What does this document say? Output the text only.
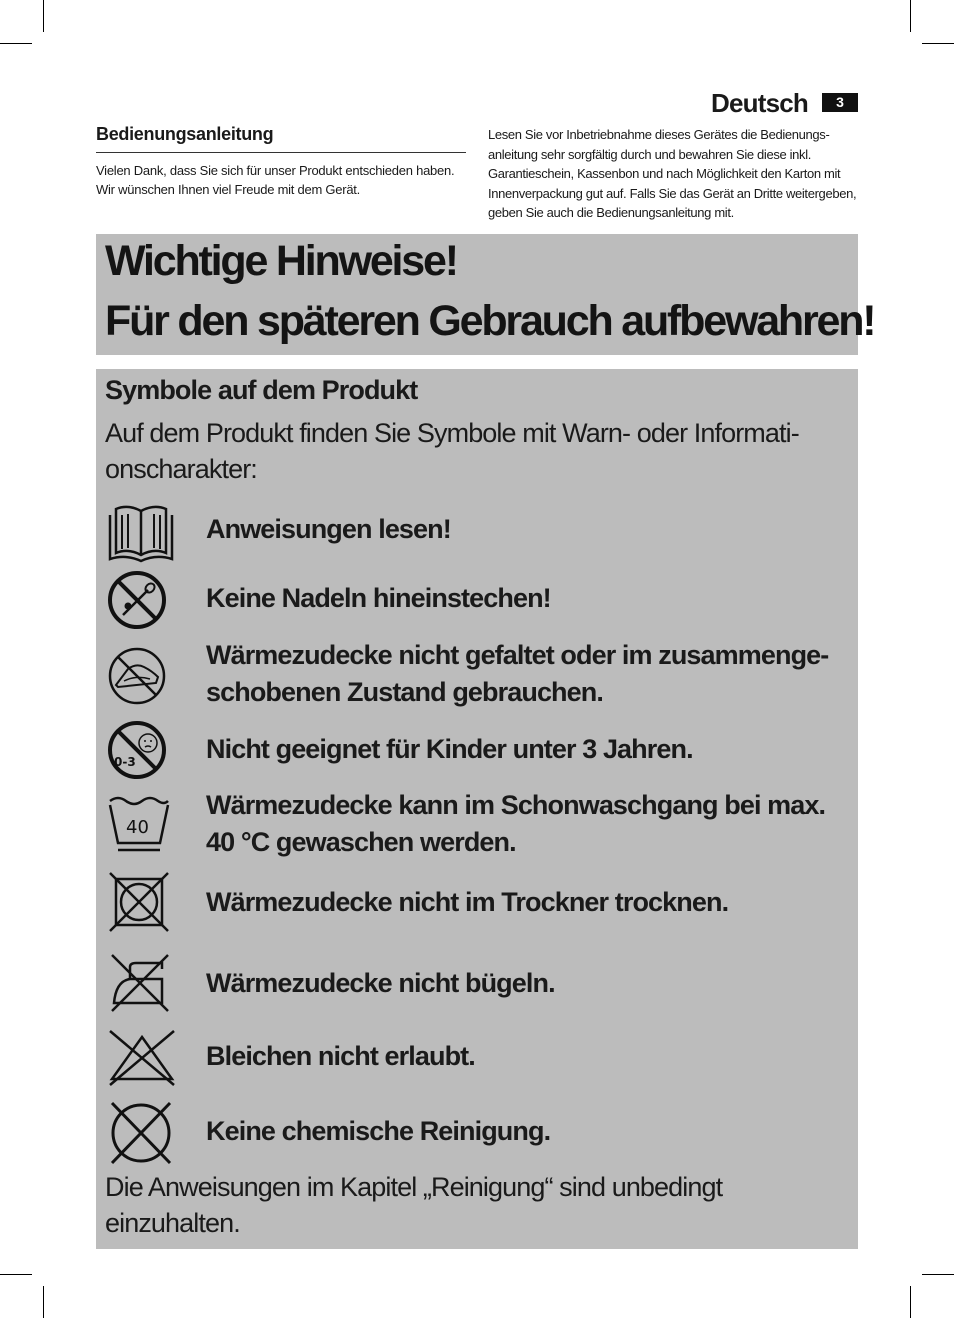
Deutsch	3
Bedienungsanleitung

Vielen Dank, dass Sie sich für unser Produkt entschieden haben. Wir wünschen Ihnen viel Freude mit dem Gerät.

Lesen Sie vor Inbetriebnahme dieses Gerätes die Bedienungsanleitung sehr sorgfältig durch und bewahren Sie diese inkl. Garantieschein, Kassenbon und nach Möglichkeit den Karton mit Innenverpackung gut auf. Falls Sie das Gerät an Dritte weitergeben, geben Sie auch die Bedienungsanleitung mit.

Wichtige Hinweise!
Für den späteren Gebrauch aufbewahren!
Symbole auf dem Produkt

Auf dem Produkt finden Sie Symbole mit Warn- oder Informationscharakter:

Anweisungen lesen!
Keine Nadeln hineinstechen!
Wärmezudecke nicht gefaltet oder im zusammengeschobenen Zustand gebrauchen.
0-3	Nicht geeignet für Kinder unter 3 Jahren.
40
Wärmezudecke kann im Schonwaschgang bei max. 40 °C gewaschen werden.
Wärmezudecke nicht im Trockner trocknen.
Wärmezudecke nicht bügeln.
Bleichen nicht erlaubt.
Keine chemische Reinigung.

Die Anweisungen im Kapitel „Reinigung“ sind unbedingt einzuhalten.
